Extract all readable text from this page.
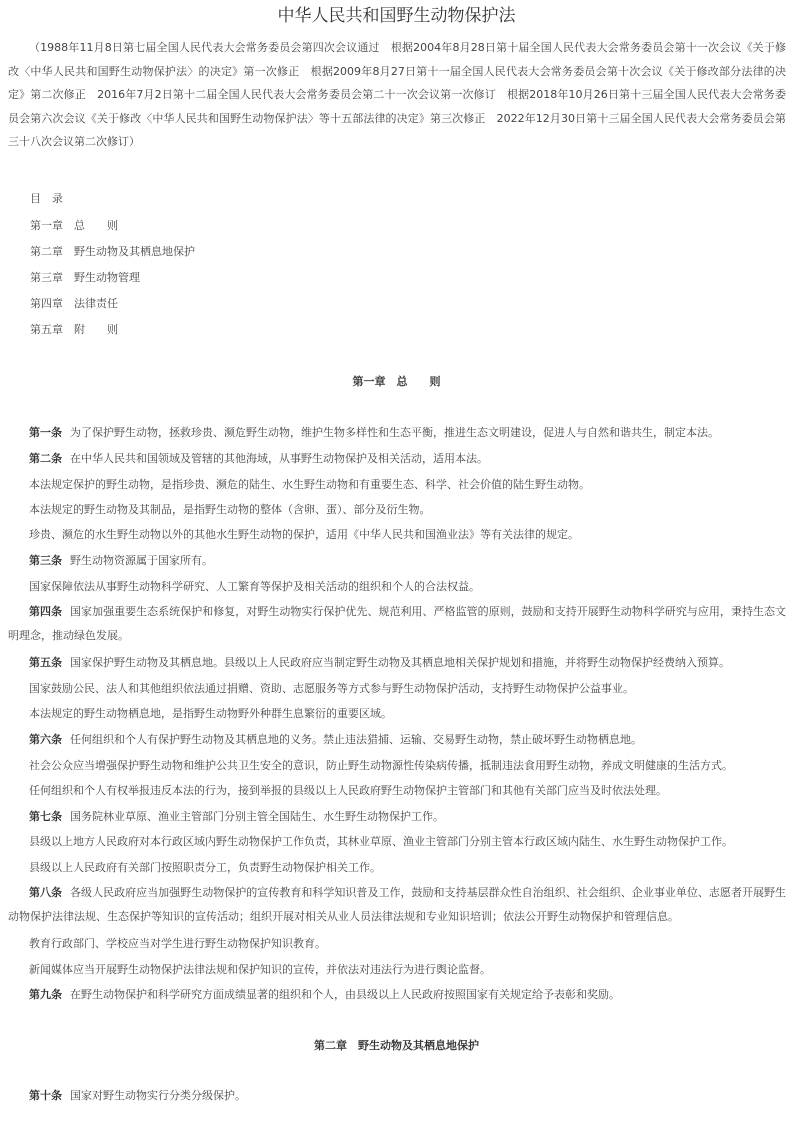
中华人民共和国野生动物保护法

（1988年11月8日第七届全国人民代表大会常务委员会第四次会议通过　根据2004年8月28日第十届全国人民代表大会常务委员会第十一次会议《关于修改〈中华人民共和国野生动物保护法〉的决定》第一次修正　根据2009年8月27日第十一届全国人民代表大会常务委员会第十次会议《关于修改部分法律的决定》第二次修正　2016年7月2日第十二届全国人民代表大会常务委员会第二十一次会议第一次修订　根据2018年10月26日第十三届全国人民代表大会常务委员会第六次会议《关于修改〈中华人民共和国野生动物保护法〉等十五部法律的决定》第三次修正　2022年12月30日第十三届全国人民代表大会常务委员会第三十八次会议第二次修订）

目　录
第一章　总　　则
第二章　野生动物及其栖息地保护
第三章　野生动物管理
第四章　法律责任
第五章　附　　则
第一章　总　　则

第一条 为了保护野生动物，拯救珍贵、濒危野生动物，维护生物多样性和生态平衡，推进生态文明建设，促进人与自然和谐共生，制定本法。

第二条 在中华人民共和国领域及管辖的其他海域，从事野生动物保护及相关活动，适用本法。

本法规定保护的野生动物，是指珍贵、濒危的陆生、水生野生动物和有重要生态、科学、社会价值的陆生野生动物。

本法规定的野生动物及其制品，是指野生动物的整体（含卵、蛋）、部分及衍生物。

珍贵、濒危的水生野生动物以外的其他水生野生动物的保护，适用《中华人民共和国渔业法》等有关法律的规定。

第三条 野生动物资源属于国家所有。

国家保障依法从事野生动物科学研究、人工繁育等保护及相关活动的组织和个人的合法权益。

第四条 国家加强重要生态系统保护和修复，对野生动物实行保护优先、规范利用、严格监管的原则，鼓励和支持开展野生动物科学研究与应用，秉持生态文明理念，推动绿色发展。

第五条 国家保护野生动物及其栖息地。县级以上人民政府应当制定野生动物及其栖息地相关保护规划和措施，并将野生动物保护经费纳入预算。

国家鼓励公民、法人和其他组织依法通过捐赠、资助、志愿服务等方式参与野生动物保护活动，支持野生动物保护公益事业。

本法规定的野生动物栖息地，是指野生动物野外种群生息繁衍的重要区域。

第六条 任何组织和个人有保护野生动物及其栖息地的义务。禁止违法猎捕、运输、交易野生动物，禁止破坏野生动物栖息地。

社会公众应当增强保护野生动物和维护公共卫生安全的意识，防止野生动物源性传染病传播，抵制违法食用野生动物，养成文明健康的生活方式。

任何组织和个人有权举报违反本法的行为，接到举报的县级以上人民政府野生动物保护主管部门和其他有关部门应当及时依法处理。

第七条 国务院林业草原、渔业主管部门分别主管全国陆生、水生野生动物保护工作。

县级以上地方人民政府对本行政区域内野生动物保护工作负责，其林业草原、渔业主管部门分别主管本行政区域内陆生、水生野生动物保护工作。

县级以上人民政府有关部门按照职责分工，负责野生动物保护相关工作。

第八条 各级人民政府应当加强野生动物保护的宣传教育和科学知识普及工作，鼓励和支持基层群众性自治组织、社会组织、企业事业单位、志愿者开展野生动物保护法律法规、生态保护等知识的宣传活动；组织开展对相关从业人员法律法规和专业知识培训；依法公开野生动物保护和管理信息。

教育行政部门、学校应当对学生进行野生动物保护知识教育。

新闻媒体应当开展野生动物保护法律法规和保护知识的宣传，并依法对违法行为进行舆论监督。

第九条 在野生动物保护和科学研究方面成绩显著的组织和个人，由县级以上人民政府按照国家有关规定给予表彰和奖励。

第二章　野生动物及其栖息地保护

第十条 国家对野生动物实行分类分级保护。
